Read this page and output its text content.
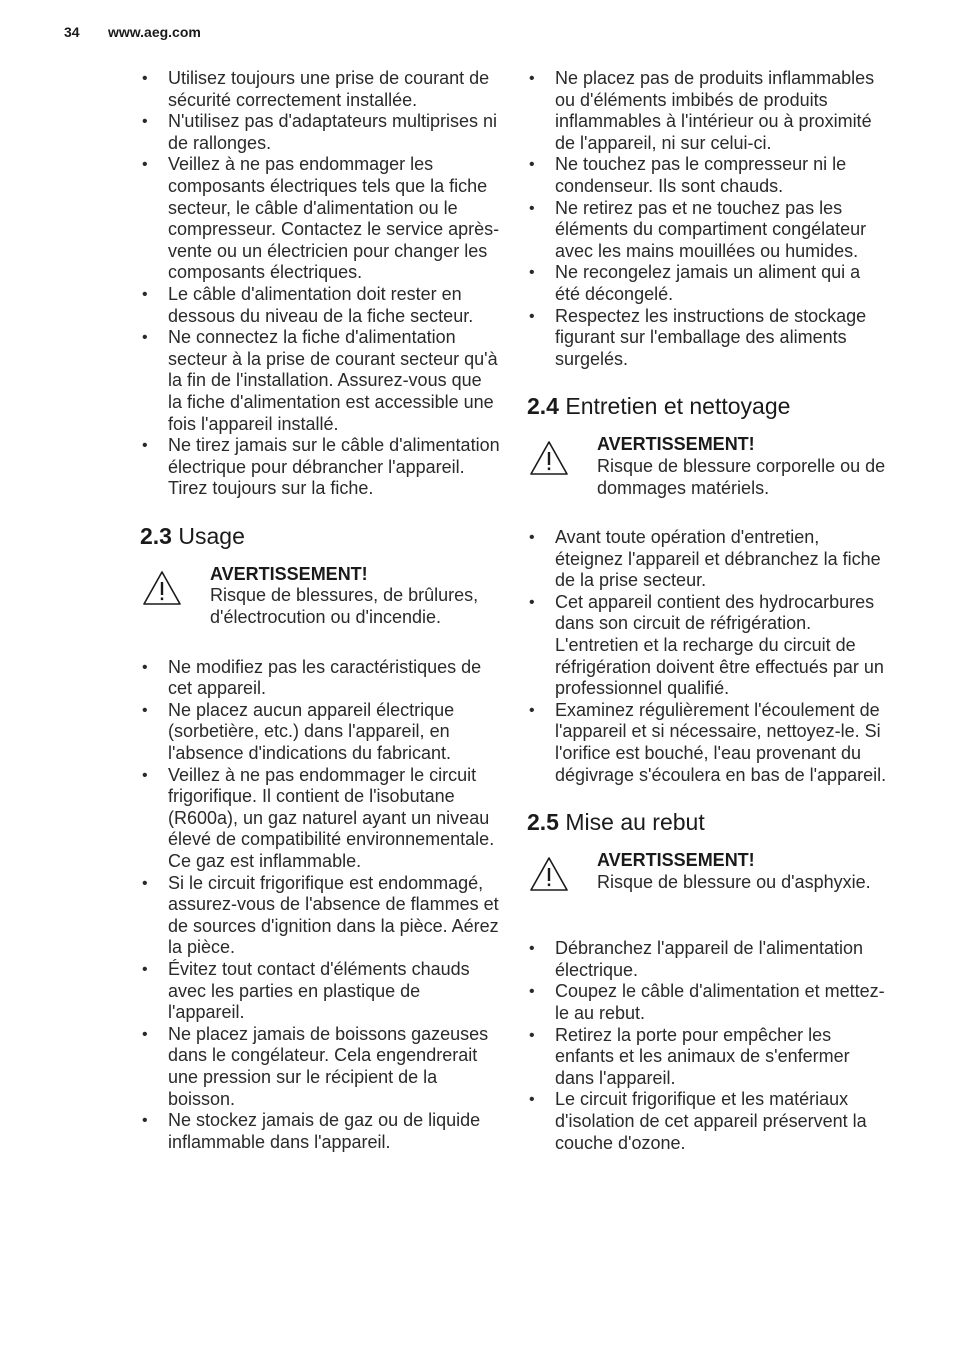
34 www.aeg.com
• Utilisez toujours une prise de courant de sécurité correctement installée.
• N'utilisez pas d'adaptateurs multiprises ni de rallonges.
• Veillez à ne pas endommager les composants électriques tels que la fiche secteur, le câble d'alimentation ou le compresseur. Contactez le service après-vente ou un électricien pour changer les composants électriques.
• Le câble d'alimentation doit rester en dessous du niveau de la fiche secteur.
• Ne connectez la fiche d'alimentation secteur à la prise de courant secteur qu'à la fin de l'installation. Assurez-vous que la fiche d'alimentation est accessible une fois l'appareil installé.
• Ne tirez jamais sur le câble d'alimentation électrique pour débrancher l'appareil. Tirez toujours sur la fiche.
2.3 Usage
AVERTISSEMENT!
Risque de blessures, de brûlures, d'électrocution ou d'incendie.
• Ne modifiez pas les caractéristiques de cet appareil.
• Ne placez aucun appareil électrique (sorbetière, etc.) dans l'appareil, en l'absence d'indications du fabricant.
• Veillez à ne pas endommager le circuit frigorifique. Il contient de l'isobutane (R600a), un gaz naturel ayant un niveau élevé de compatibilité environnementale. Ce gaz est inflammable.
• Si le circuit frigorifique est endommagé, assurez-vous de l'absence de flammes et de sources d'ignition dans la pièce. Aérez la pièce.
• Évitez tout contact d'éléments chauds avec les parties en plastique de l'appareil.
• Ne placez jamais de boissons gazeuses dans le congélateur. Cela engendrerait une pression sur le récipient de la boisson.
• Ne stockez jamais de gaz ou de liquide inflammable dans l'appareil.
• Ne placez pas de produits inflammables ou d'éléments imbibés de produits inflammables à l'intérieur ou à proximité de l'appareil, ni sur celui-ci.
• Ne touchez pas le compresseur ni le condenseur. Ils sont chauds.
• Ne retirez pas et ne touchez pas les éléments du compartiment congélateur avec les mains mouillées ou humides.
• Ne recongelez jamais un aliment qui a été décongelé.
• Respectez les instructions de stockage figurant sur l'emballage des aliments surgelés.
2.4 Entretien et nettoyage
AVERTISSEMENT!
Risque de blessure corporelle ou de dommages matériels.
• Avant toute opération d'entretien, éteignez l'appareil et débranchez la fiche de la prise secteur.
• Cet appareil contient des hydrocarbures dans son circuit de réfrigération. L'entretien et la recharge du circuit de réfrigération doivent être effectués par un professionnel qualifié.
• Examinez régulièrement l'écoulement de l'appareil et si nécessaire, nettoyez-le. Si l'orifice est bouché, l'eau provenant du dégivrage s'écoulera en bas de l'appareil.
2.5 Mise au rebut
AVERTISSEMENT!
Risque de blessure ou d'asphyxie.
• Débranchez l'appareil de l'alimentation électrique.
• Coupez le câble d'alimentation et mettez-le au rebut.
• Retirez la porte pour empêcher les enfants et les animaux de s'enfermer dans l'appareil.
• Le circuit frigorifique et les matériaux d'isolation de cet appareil préservent la couche d'ozone.
